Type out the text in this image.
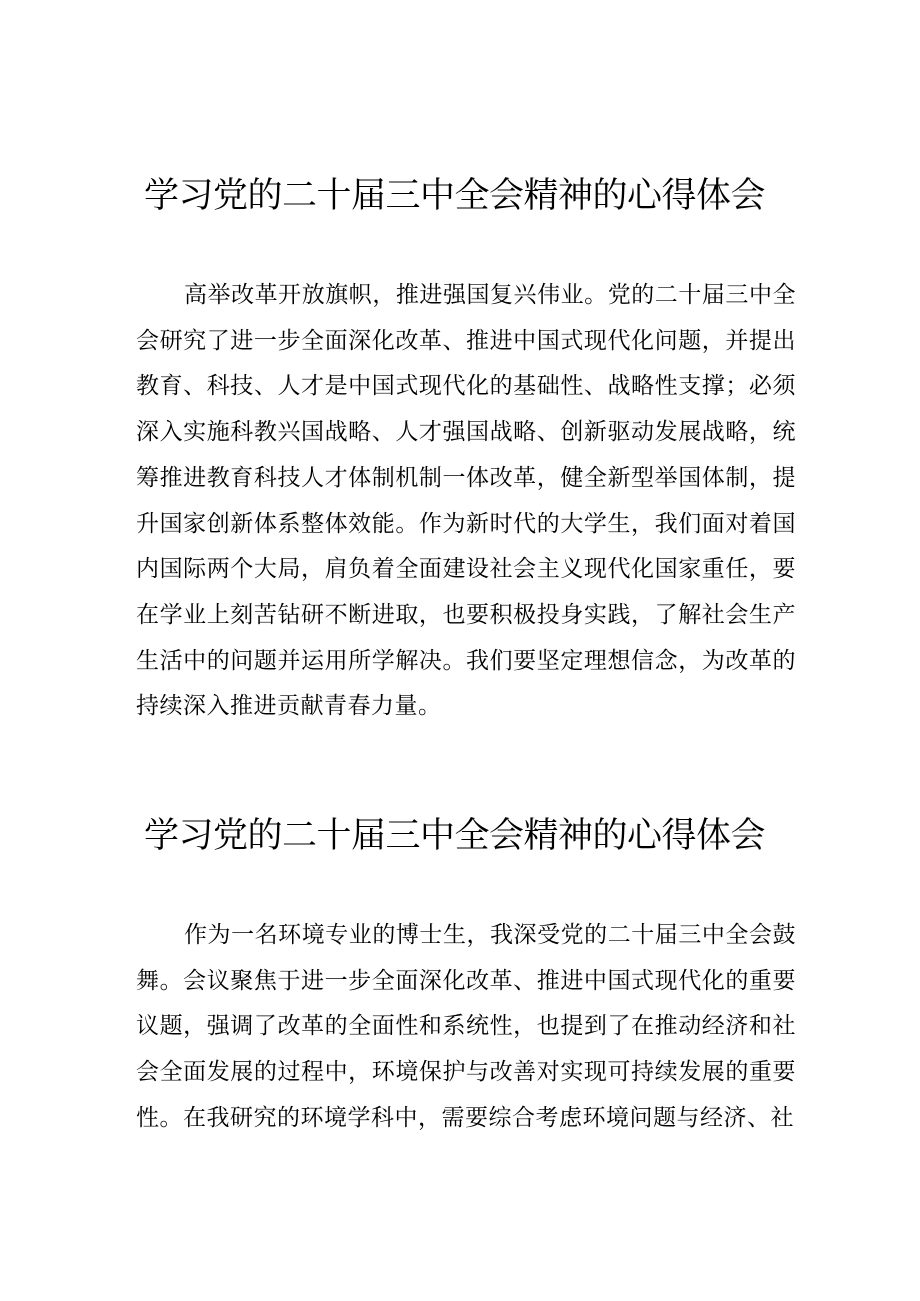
学习党的二十届三中全会精神的心得体会

高举改革开放旗帜，推进强国复兴伟业。党的二十届三中全会研究了进一步全面深化改革、推进中国式现代化问题，并提出教育、科技、人才是中国式现代化的基础性、战略性支撑；必须深入实施科教兴国战略、人才强国战略、创新驱动发展战略，统筹推进教育科技人才体制机制一体改革，健全新型举国体制，提升国家创新体系整体效能。作为新时代的大学生，我们面对着国内国际两个大局，肩负着全面建设社会主义现代化国家重任，要在学业上刻苦钻研不断进取，也要积极投身实践，了解社会生产生活中的问题并运用所学解决。我们要坚定理想信念，为改革的持续深入推进贡献青春力量。

学习党的二十届三中全会精神的心得体会

作为一名环境专业的博士生，我深受党的二十届三中全会鼓舞。会议聚焦于进一步全面深化改革、推进中国式现代化的重要议题，强调了改革的全面性和系统性，也提到了在推动经济和社会全面发展的过程中，环境保护与改善对实现可持续发展的重要性。在我研究的环境学科中，需要综合考虑环境问题与经济、社
